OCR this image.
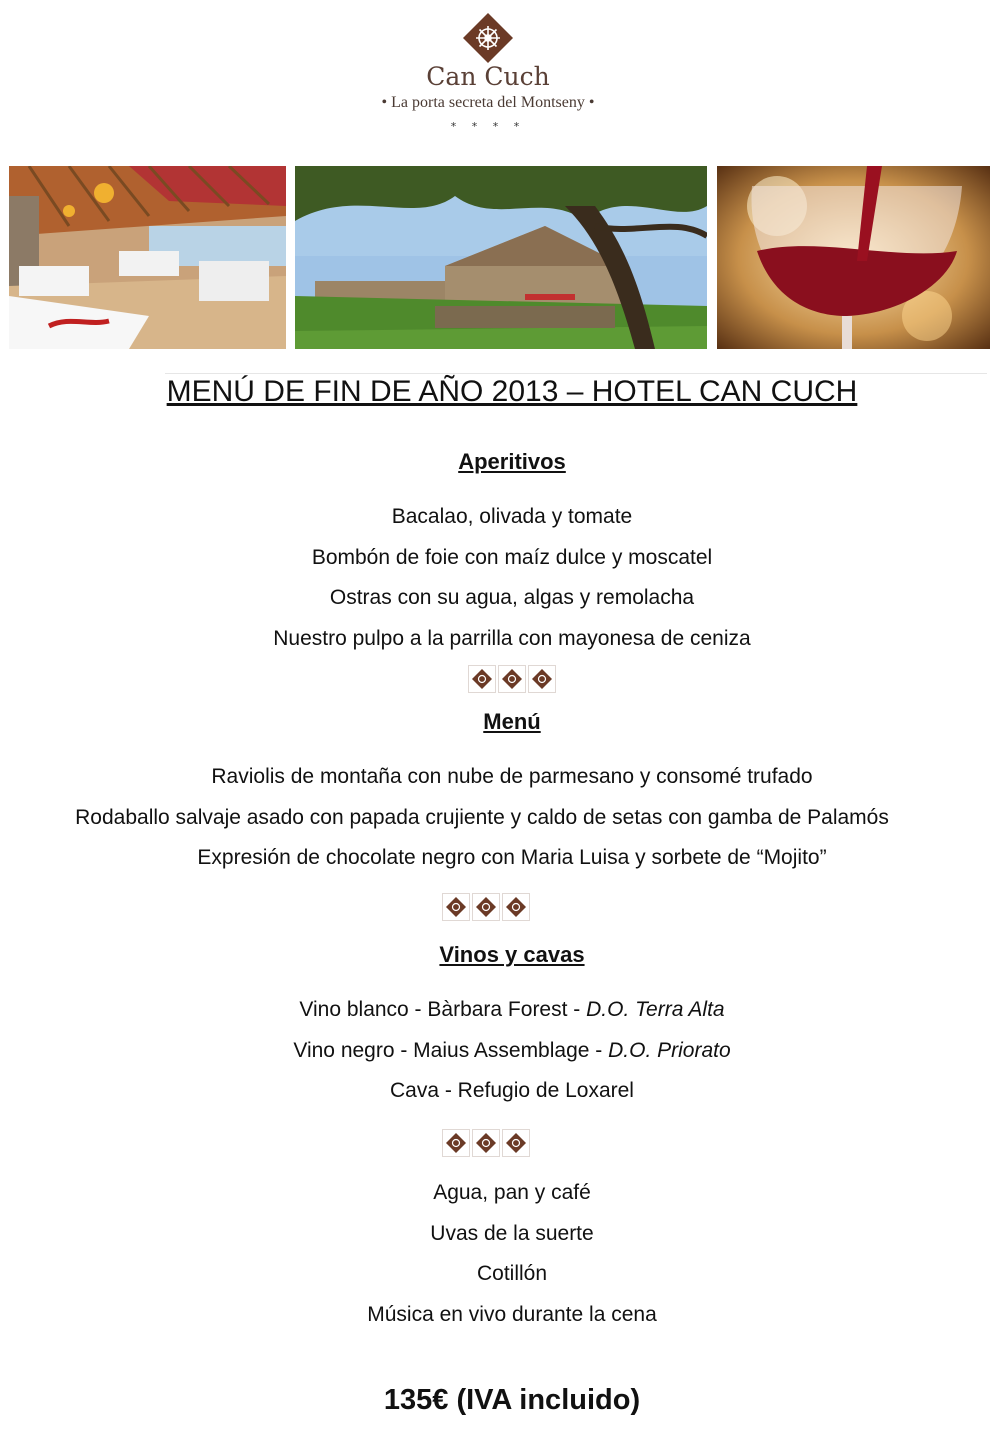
Can Cuch
• La porta secreta del Montseny •
* * * *
MENÚ DE FIN DE AÑO 2013 – HOTEL CAN CUCH
Aperitivos
Bacalao, olivada y tomate
Bombón de foie con maíz dulce y moscatel
Ostras con su agua, algas y remolacha
Nuestro pulpo a la parrilla con mayonesa de ceniza
Menú
Raviolis de montaña con nube de parmesano y consomé trufado
Rodaballo salvaje asado con papada crujiente y caldo de setas con gamba de Palamós
Expresión de chocolate negro con Maria Luisa y sorbete de “Mojito”
Vinos y cavas
Vino blanco - Bàrbara Forest - D.O. Terra Alta
Vino negro - Maius Assemblage - D.O. Priorato
Cava - Refugio de Loxarel
Agua, pan y café
Uvas de la suerte
Cotillón
Música en vivo durante la cena
135€ (IVA incluido)
